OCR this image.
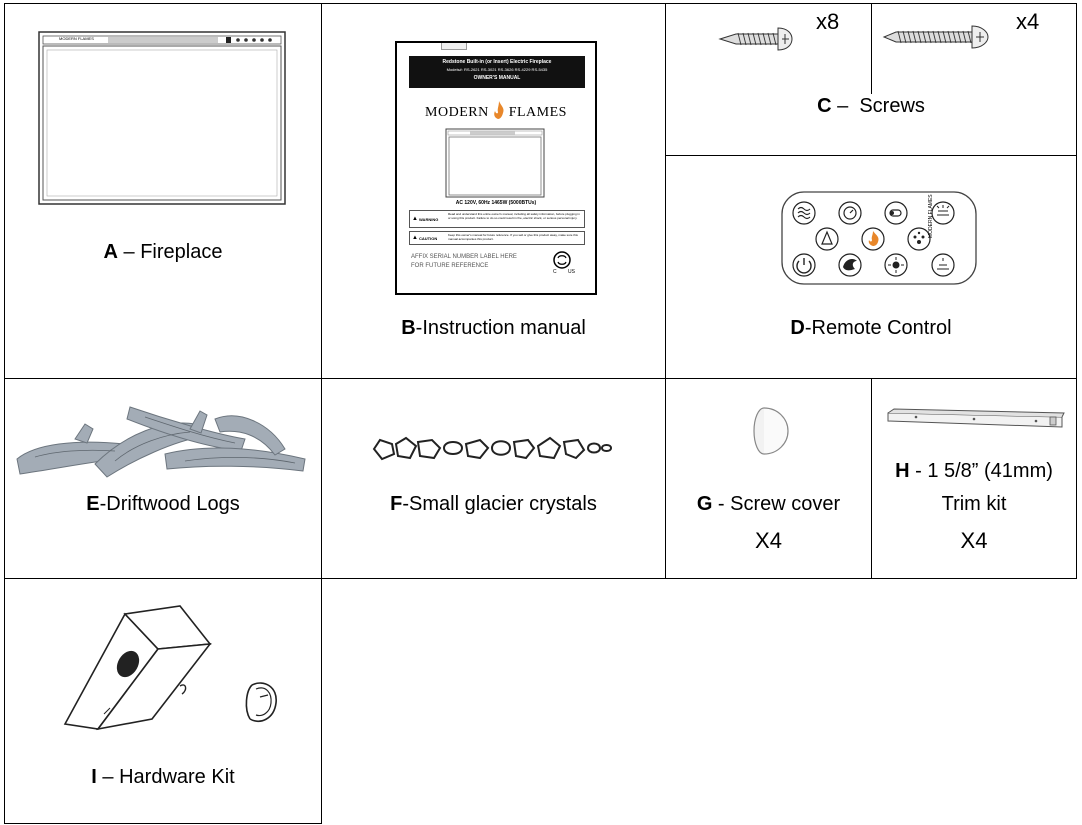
MODERN FLAMES
A – Fireplace
Redstone Built-in (or Insert) Electric Fireplace
Models#: RS-2621 RS-3021 RS-3626 RS-4229 RS-5435
OWNER'S MANUAL
MODERN FLAMES
AC 120V, 60Hz 1465W (5000BTUs)
▲ WARNING
Read and understand this entire owner's manual, including all safety information, before plugging in or using this product. Failure to do so could result in fire, electric shock, or serious personal injury.
▲ CAUTION
Keep this owner's manual for future reference. If you sell or give this product away, make sure this manual accompanies this product.
AFFIX SERIAL NUMBER LABEL HERE
FOR FUTURE REFERENCE
C US
B-Instruction manual
x8	x4
C –  Screws
MODERN FLAMES
D-Remote Control
E-Driftwood Logs	F-Small glacier crystals	G - Screw cover
X4
H - 1 5/8” (41mm)
Trim kit
X4
I – Hardware Kit
